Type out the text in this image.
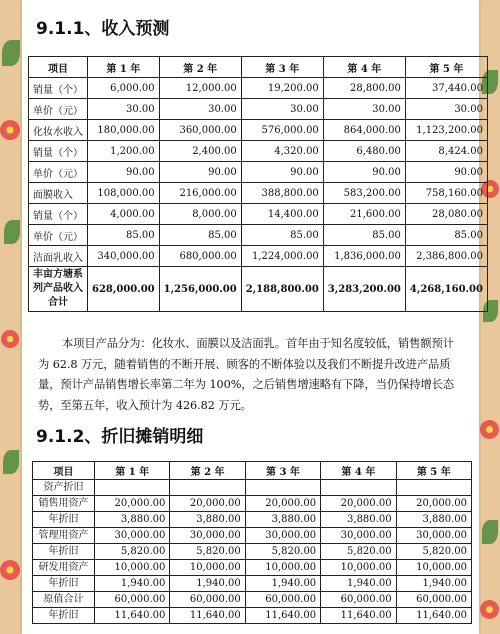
9.1.1、收入预测
项目	第 1 年	第 2 年	第 3 年	第 4 年	第 5 年
销量（个）	6,000.00	12,000.00	19,200.00	28,800.00	37,440.00
单价（元）	30.00	30.00	30.00	30.00	30.00
化妆水收入	180,000.00	360,000.00	576,000.00	864,000.00	1,123,200.00
销量（个）	1,200.00	2,400.00	4,320.00	6,480.00	8,424.00
单价（元）	90.00	90.00	90.00	90.00	90.00
面膜收入	108,000.00	216,000.00	388,800.00	583,200.00	758,160.00
销量（个）	4,000.00	8,000.00	14,400.00	21,600.00	28,080.00
单价（元）	85.00	85.00	85.00	85.00	85.00
洁面乳收入	340,000.00	680,000.00	1,224,000.00	1,836,000.00	2,386,800.00
丰亩方塘系列产品收入合计	628,000.00	1,256,000.00	2,188,800.00	3,283,200.00	4,268,160.00

本项目产品分为：化妆水、面膜以及洁面乳。首年由于知名度较低，销售额预计为 62.8 万元，随着销售的不断开展、顾客的不断体验以及我们不断提升改进产品质量，预计产品销售增长率第二年为 100%，之后销售增速略有下降，当仍保持增长态势，至第五年，收入预计为 426.82 万元。

9.1.2、折旧摊销明细
项目	第 1 年	第 2 年	第 3 年	第 4 年	第 5 年
资产折旧					
销售用资产	20,000.00	20,000.00	20,000.00	20,000.00	20,000.00
年折旧	3,880.00	3,880.00	3,880.00	3,880.00	3,880.00
管理用资产	30,000.00	30,000.00	30,000.00	30,000.00	30,000.00
年折旧	5,820.00	5,820.00	5,820.00	5,820.00	5,820.00
研发用资产	10,000.00	10,000.00	10,000.00	10,000.00	10,000.00
年折旧	1,940.00	1,940.00	1,940.00	1,940.00	1,940.00
原值合计	60,000.00	60,000.00	60,000.00	60,000.00	60,000.00
年折旧	11,640.00	11,640.00	11,640.00	11,640.00	11,640.00
